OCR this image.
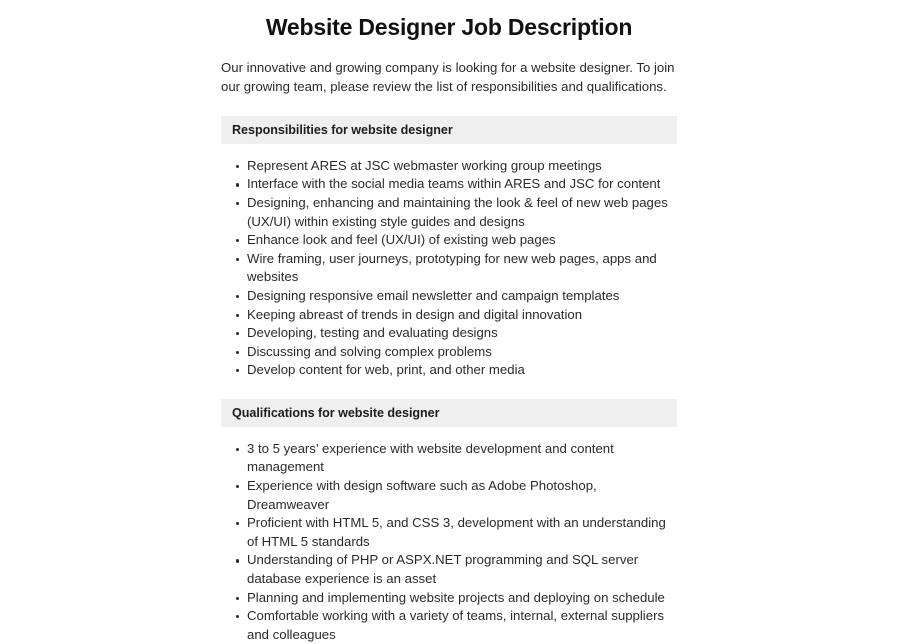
Website Designer Job Description

Our innovative and growing company is looking for a website designer. To join our growing team, please review the list of responsibilities and qualifications.

Responsibilities for website designer
Represent ARES at JSC webmaster working group meetings
Interface with the social media teams within ARES and JSC for content
Designing, enhancing and maintaining the look & feel of new web pages (UX/UI) within existing style guides and designs
Enhance look and feel (UX/UI) of existing web pages
Wire framing, user journeys, prototyping for new web pages, apps and websites
Designing responsive email newsletter and campaign templates
Keeping abreast of trends in design and digital innovation
Developing, testing and evaluating designs
Discussing and solving complex problems
Develop content for web, print, and other media
Qualifications for website designer
3 to 5 years’ experience with website development and content management
Experience with design software such as Adobe Photoshop, Dreamweaver
Proficient with HTML 5, and CSS 3, development with an understanding of HTML 5 standards
Understanding of PHP or ASPX.NET programming and SQL server database experience is an asset
Planning and implementing website projects and deploying on schedule
Comfortable working with a variety of teams, internal, external suppliers and colleagues
